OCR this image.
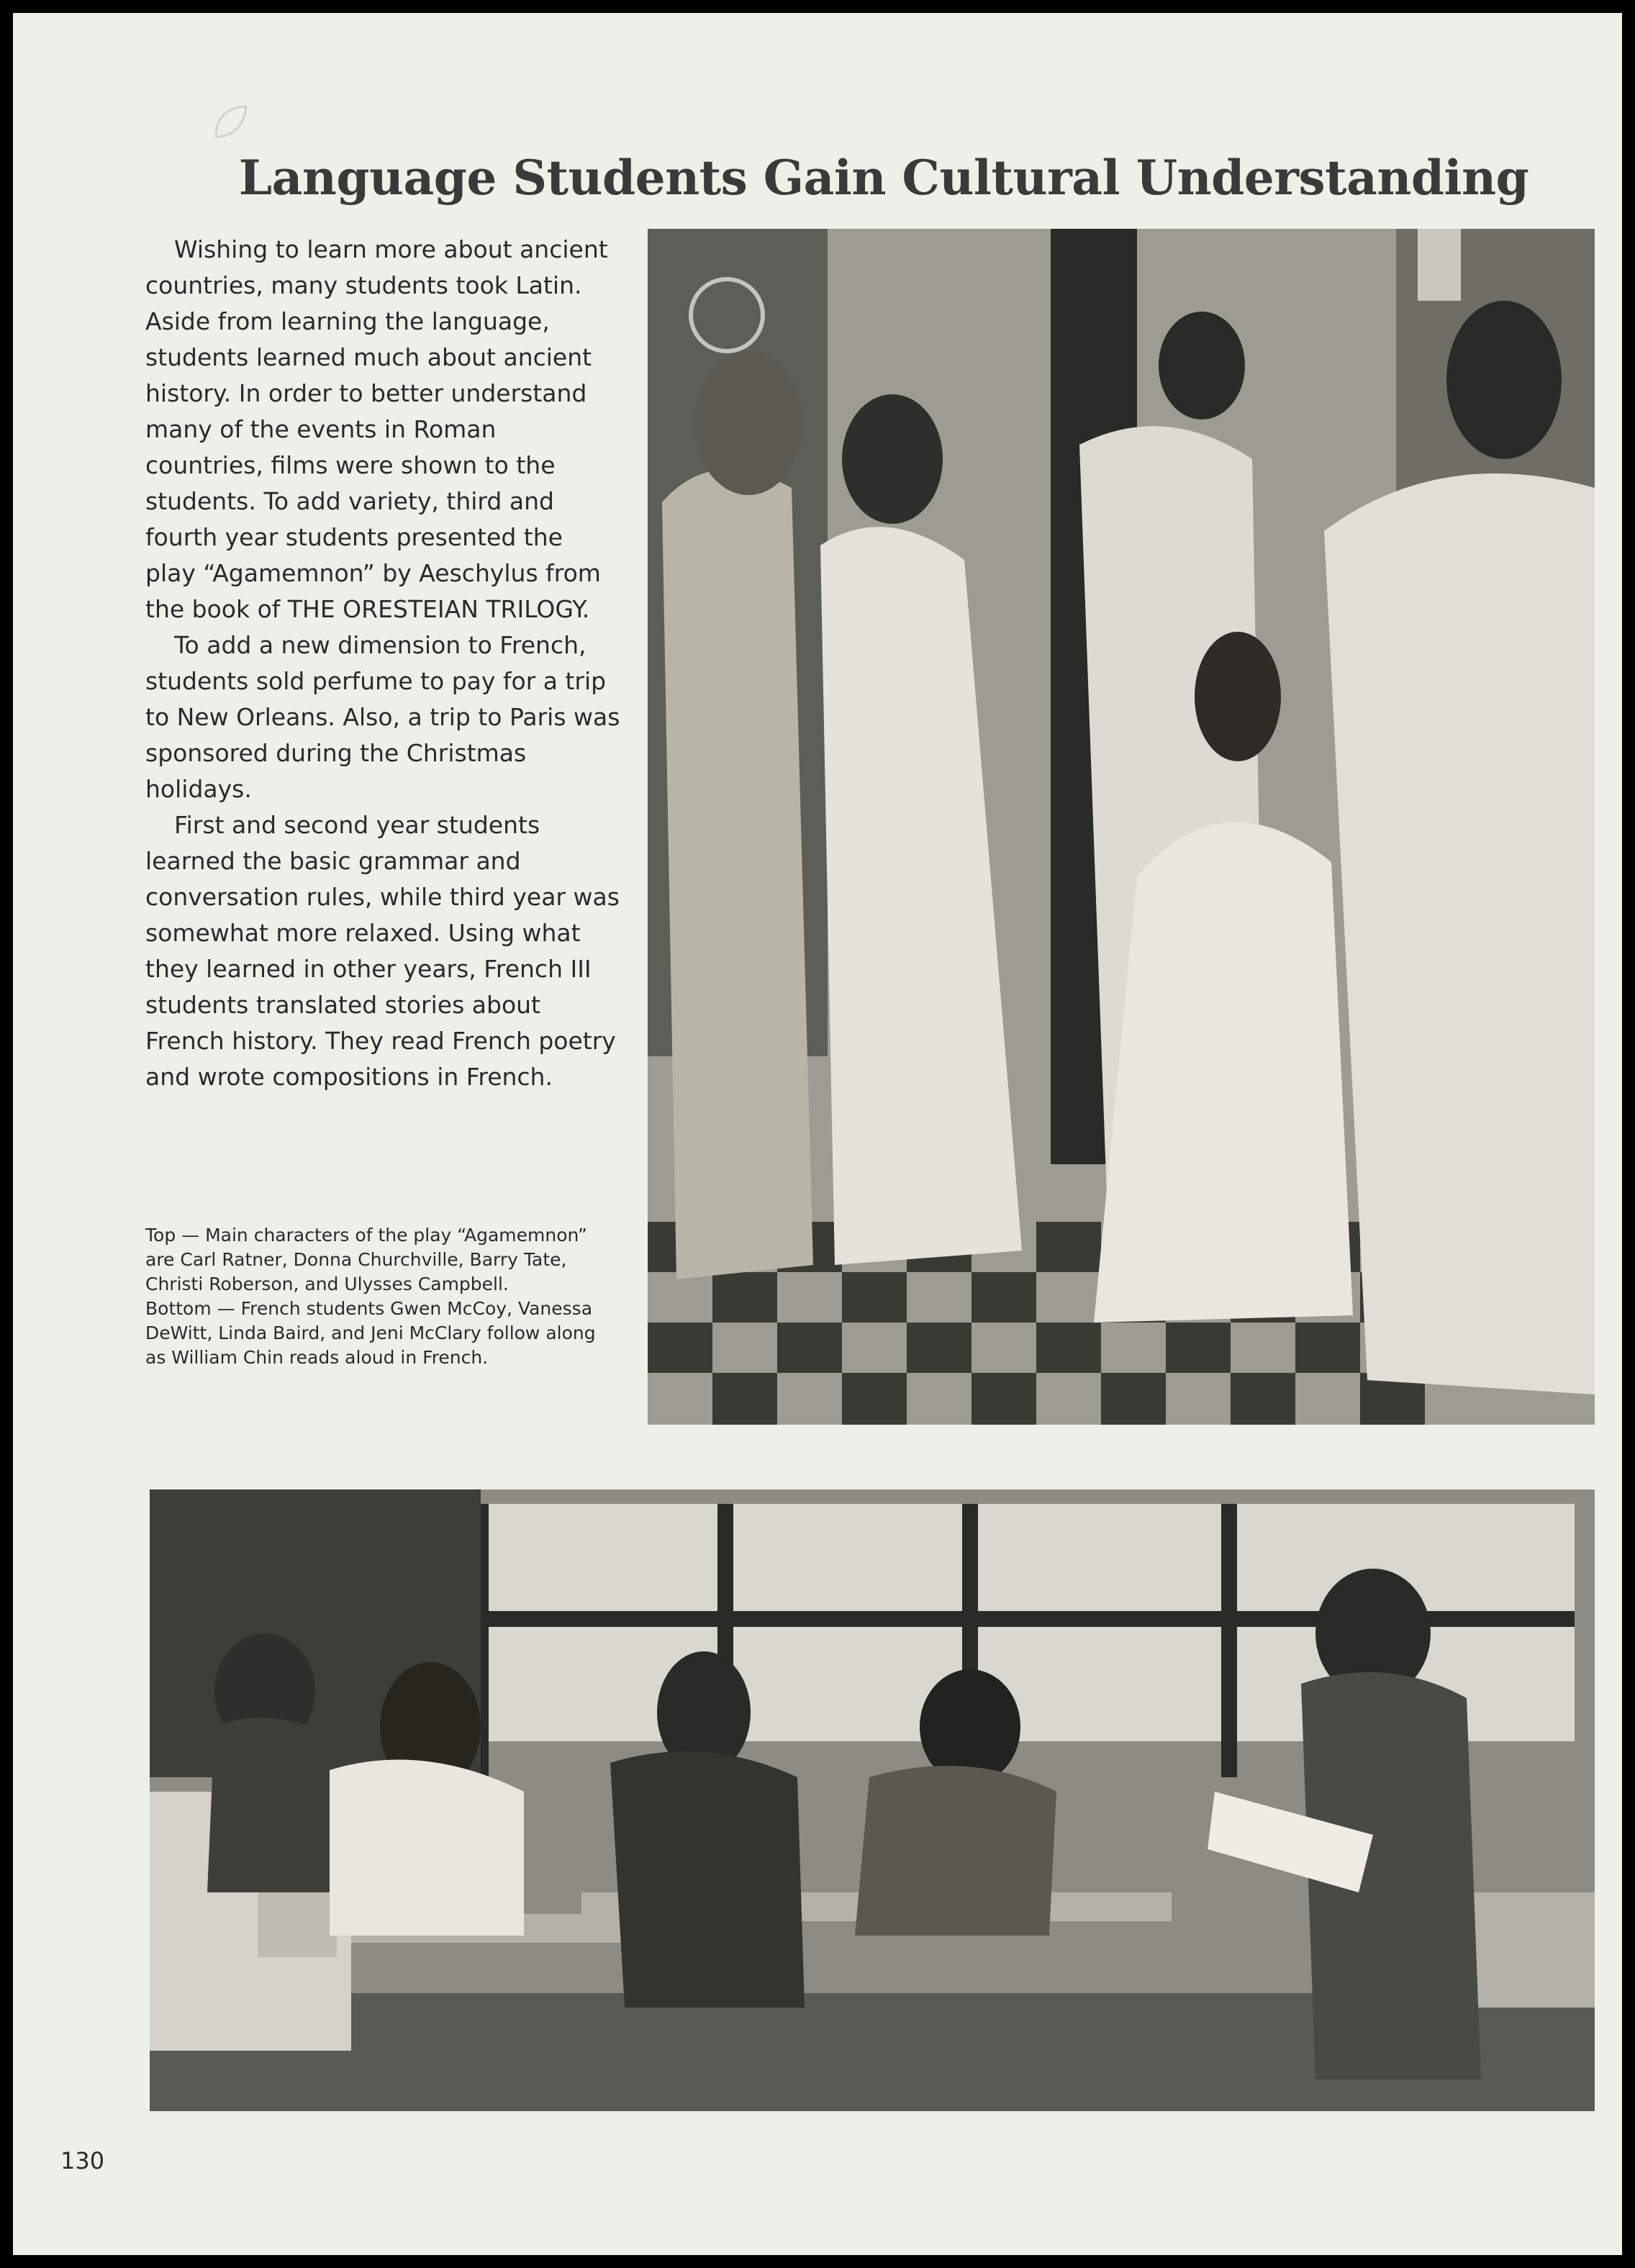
Language Students Gain Cultural Understanding

Wishing to learn more about ancient countries, many students took Latin. Aside from learning the language, students learned much about ancient history. In order to better understand many of the events in Roman countries, films were shown to the students. To add variety, third and fourth year students presented the play “Agamemnon” by Aeschylus from the book of THE ORESTEIAN TRILOGY.

To add a new dimension to French, students sold perfume to pay for a trip to New Orleans. Also, a trip to Paris was sponsored during the Christmas holidays.

First and second year students learned the basic grammar and conversation rules, while third year was somewhat more relaxed. Using what they learned in other years, French III students translated stories about French history. They read French poetry and wrote compositions in French.

Top — Main characters of the play “Agamemnon” are Carl Ratner, Donna Churchville, Barry Tate, Christi Roberson, and Ulysses Campbell.

Bottom — French students Gwen McCoy, Vanessa DeWitt, Linda Baird, and Jeni McClary follow along as William Chin reads aloud in French.

130
